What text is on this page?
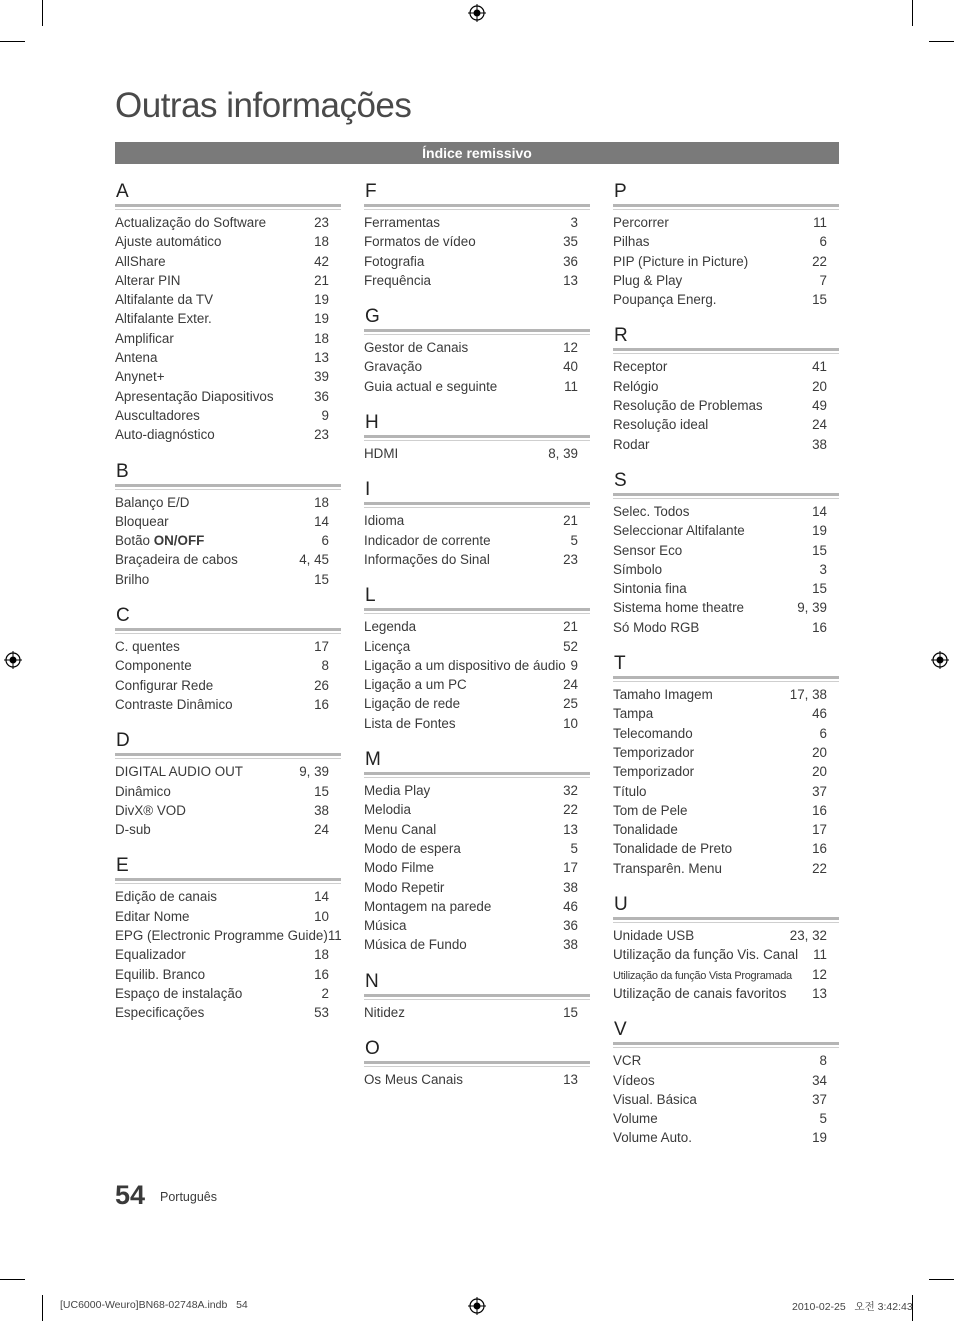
Outras informações
Índice remissivo
A
Actualização do Software	23
Ajuste automático	18
AllShare	42
Alterar PIN	21
Altifalante da TV	19
Altifalante Exter.	19
Amplificar	18
Antena	13
Anynet+	39
Apresentação Diapositivos	36
Auscultadores	9
Auto-diagnóstico	23
B
Balanço E/D	18
Bloquear	14
Botão ON/OFF	6
Braçadeira de cabos	4, 45
Brilho	15
C
C. quentes	17
Componente	8
Configurar Rede	26
Contraste Dinâmico	16
D
DIGITAL AUDIO OUT	9, 39
Dinâmico	15
DivX® VOD	38
D-sub	24
E
Edição de canais	14
Editar Nome	10
EPG (Electronic Programme Guide) 11
Equalizador	18
Equilib. Branco	16
Espaço de instalação	2
Especificações	53
F
Ferramentas	3
Formatos de vídeo	35
Fotografia	36
Frequência	13
G
Gestor de Canais	12
Gravação	40
Guia actual e seguinte	11
H
HDMI	8, 39
I
Idioma	21
Indicador de corrente	5
Informações do Sinal	23
L
Legenda	21
Licença	52
Ligação a um dispositivo de áudio 9
Ligação a um PC	24
Ligação de rede	25
Lista de Fontes	10
M
Media Play	32
Melodia	22
Menu Canal	13
Modo de espera	5
Modo Filme	17
Modo Repetir	38
Montagem na parede	46
Música	36
Música de Fundo	38
N
Nitidez	15
O
Os Meus Canais	13
P
Percorrer	11
Pilhas	6
PIP (Picture in Picture)	22
Plug & Play	7
Poupança Energ.	15
R
Receptor	41
Relógio	20
Resolução de Problemas	49
Resolução ideal	24
Rodar	38
S
Selec. Todos	14
Seleccionar Altifalante	19
Sensor Eco	15
Símbolo	3
Sintonia fina	15
Sistema home theatre	9, 39
Só Modo RGB	16
T
Tamaho Imagem	17, 38
Tampa	46
Telecomando	6
Temporizador	20
Temporizador	20
Título	37
Tom de Pele	16
Tonalidade	17
Tonalidade de Preto	16
Transparên. Menu	22
U
Unidade USB	23, 32
Utilização da função Vis. Canal 11
Utilização da função Vista Programada 12
Utilização de canais favoritos 13
V
VCR	8
Vídeos	34
Visual. Básica	37
Volume	5
Volume Auto.	19
54 Português
[UC6000-Weuro]BN68-02748A.indb   54	2010-02-25   오전 3:42:43
